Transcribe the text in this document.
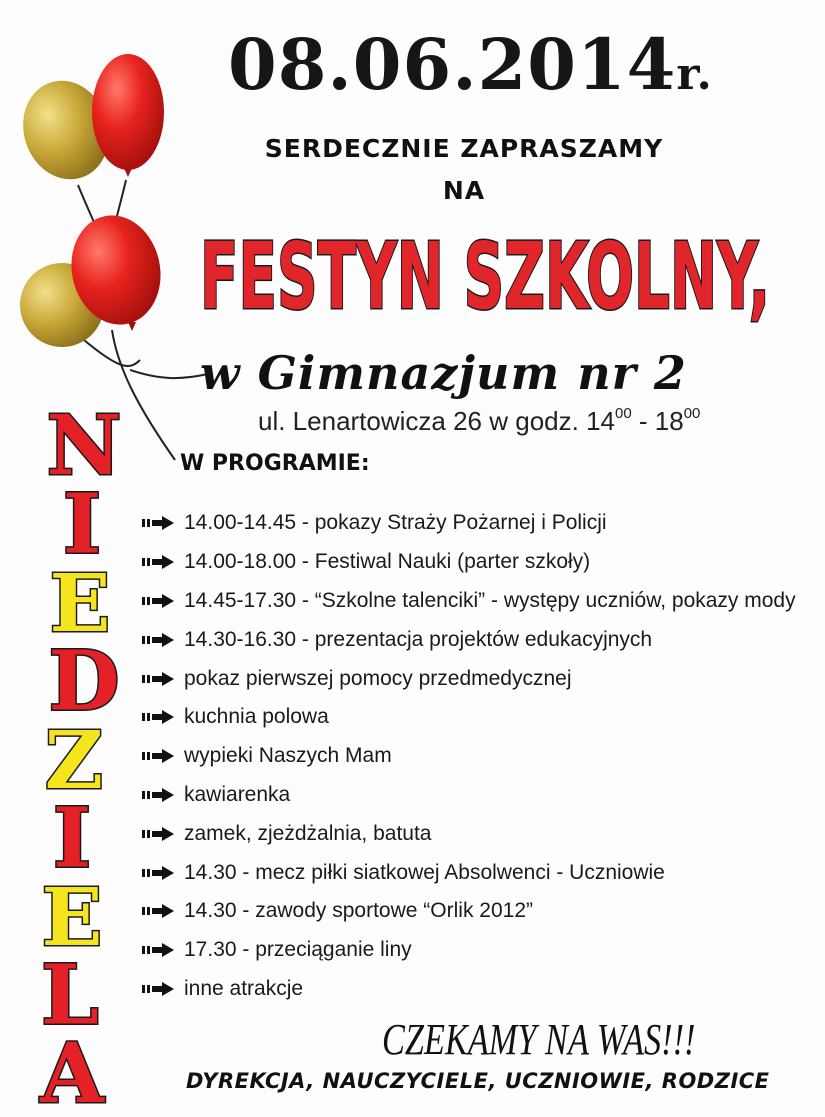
08.06.2014r.
SERDECZNIE ZAPRASZAMY
NA
FESTYN SZKOLNY,
w Gimnazjum nr 2
ul. Lenartowicza 26 w godz. $14^{00} - 18^{00}$
W PROGRAMIE:
14.00-14.45 - pokazy Straży Pożarnej i Policji
14.00-18.00 - Festiwal Nauki (parter szkoły)
14.45-17.30 - “Szkolne talenciki” - występy uczniów, pokazy mody
14.30-16.30 - prezentacja projektów edukacyjnych
pokaz pierwszej pomocy przedmedycznej
kuchnia polowa
wypieki Naszych Mam
kawiarenka
zamek, zjeżdżalnia, batuta
14.30 - mecz piłki siatkowej Absolwenci - Uczniowie
14.30 - zawody sportowe “Orlik 2012”
17.30 - przeciąganie liny
inne atrakcje
N
I
E
D
Z
I
E
L
A	CZEKAMY NA WAS!!!
DYREKCJA, NAUCZYCIELE, UCZNIOWIE, RODZICE
